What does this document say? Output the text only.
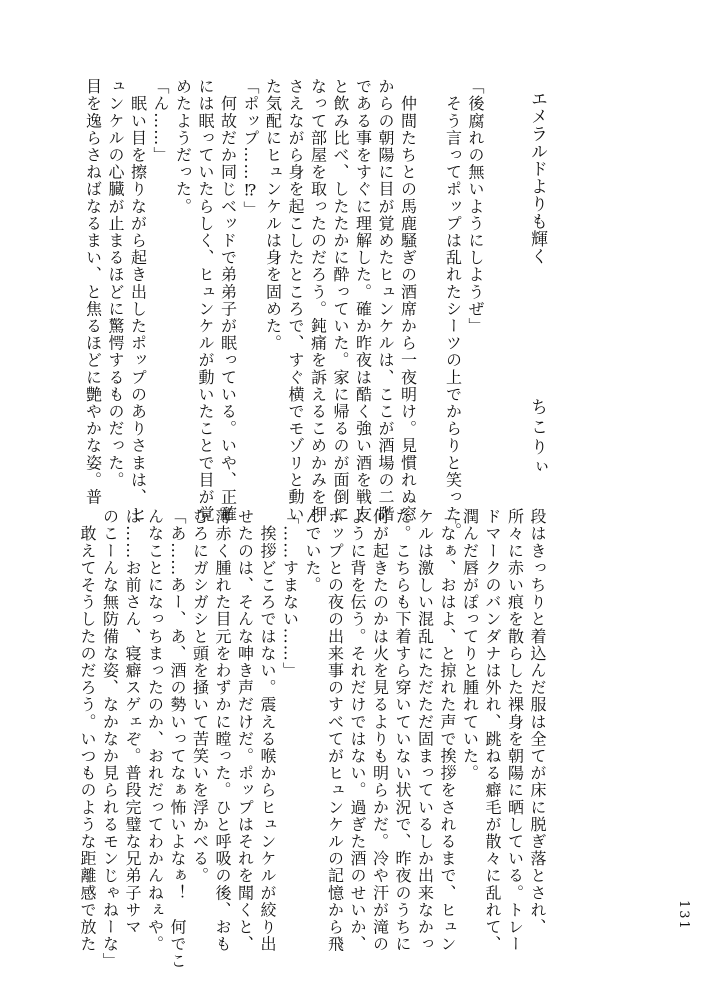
エメラルドよりも輝く
ちこりぃ
「後腐れの無いようにしようぜ」
　そう言ってポップは乱れたシーツの上でからりと笑った。
　仲間たちとの馬鹿騒ぎの酒席から一夜明け。見慣れぬ窓
からの朝陽に目が覚めたヒュンケルは、ここが酒場の二階
である事をすぐに理解した。確か昨夜は酷く強い酒を戦友
と飲み比べ、したたかに酔っていた。家に帰るのが面倒に
なって部屋を取ったのだろう。鈍痛を訴えるこめかみを押
さえながら身を起こしたところで、すぐ横でモゾリと動い
た気配にヒュンケルは身を固めた。
「ポップ……⁉」
　何故だか同じベッドで弟弟子が眠っている。いや、正確
には眠っていたらしく、ヒュンケルが動いたことで目が覚
めたようだった。
「ん……」
　眠い目を擦りながら起き出したポップのありさまは、ヒ
ュンケルの心臓が止まるほどに驚愕するものだった。
目を逸らさねばなるまい、と焦るほどに艶やかな姿。普
段はきっちりと着込んだ服は全てが床に脱ぎ落とされ、
所々に赤い痕を散らした裸身を朝陽に晒している。トレー
ドマークのバンダナは外れ、跳ねる癖毛が散々に乱れて、
潤んだ唇がぽってりと腫れていた。
「なぁ、おはよ、と掠れた声で挨拶をされるまで、ヒュン
ケルは激しい混乱にただただ固まっているしか出来なかっ
た。こちらも下着すら穿いていない状況で、昨夜のうちに
何が起きたのかは火を見るよりも明らかだ。冷や汗が滝の
ように背を伝う。それだけではない。過ぎた酒のせいか、
ポップとの夜の出来事のすべてがヒュンケルの記憶から飛
んでいた。
「……すまない……」
　挨拶どころではない。震える喉からヒュンケルが絞り出
せたのは、そんな呻き声だけだ。ポップはそれを聞くと、
薄赤く腫れた目元をわずかに瞠った。ひと呼吸の後、おも
むろにガシガシと頭を掻いて苦笑いを浮かべる。
「あ……あー、あ、酒の勢いってなぁ怖いよなぁ！　何でこ
んなことになっちまったのか、おれだってわかんねぇや。
は……お前さん、寝癖スゲェぞ。普段完璧な兄弟子サマ
のこーんな無防備な姿、なかなか見られるモンじゃねーな」
　敢えてそうしたのだろう。いつものような距離感で放た	131
